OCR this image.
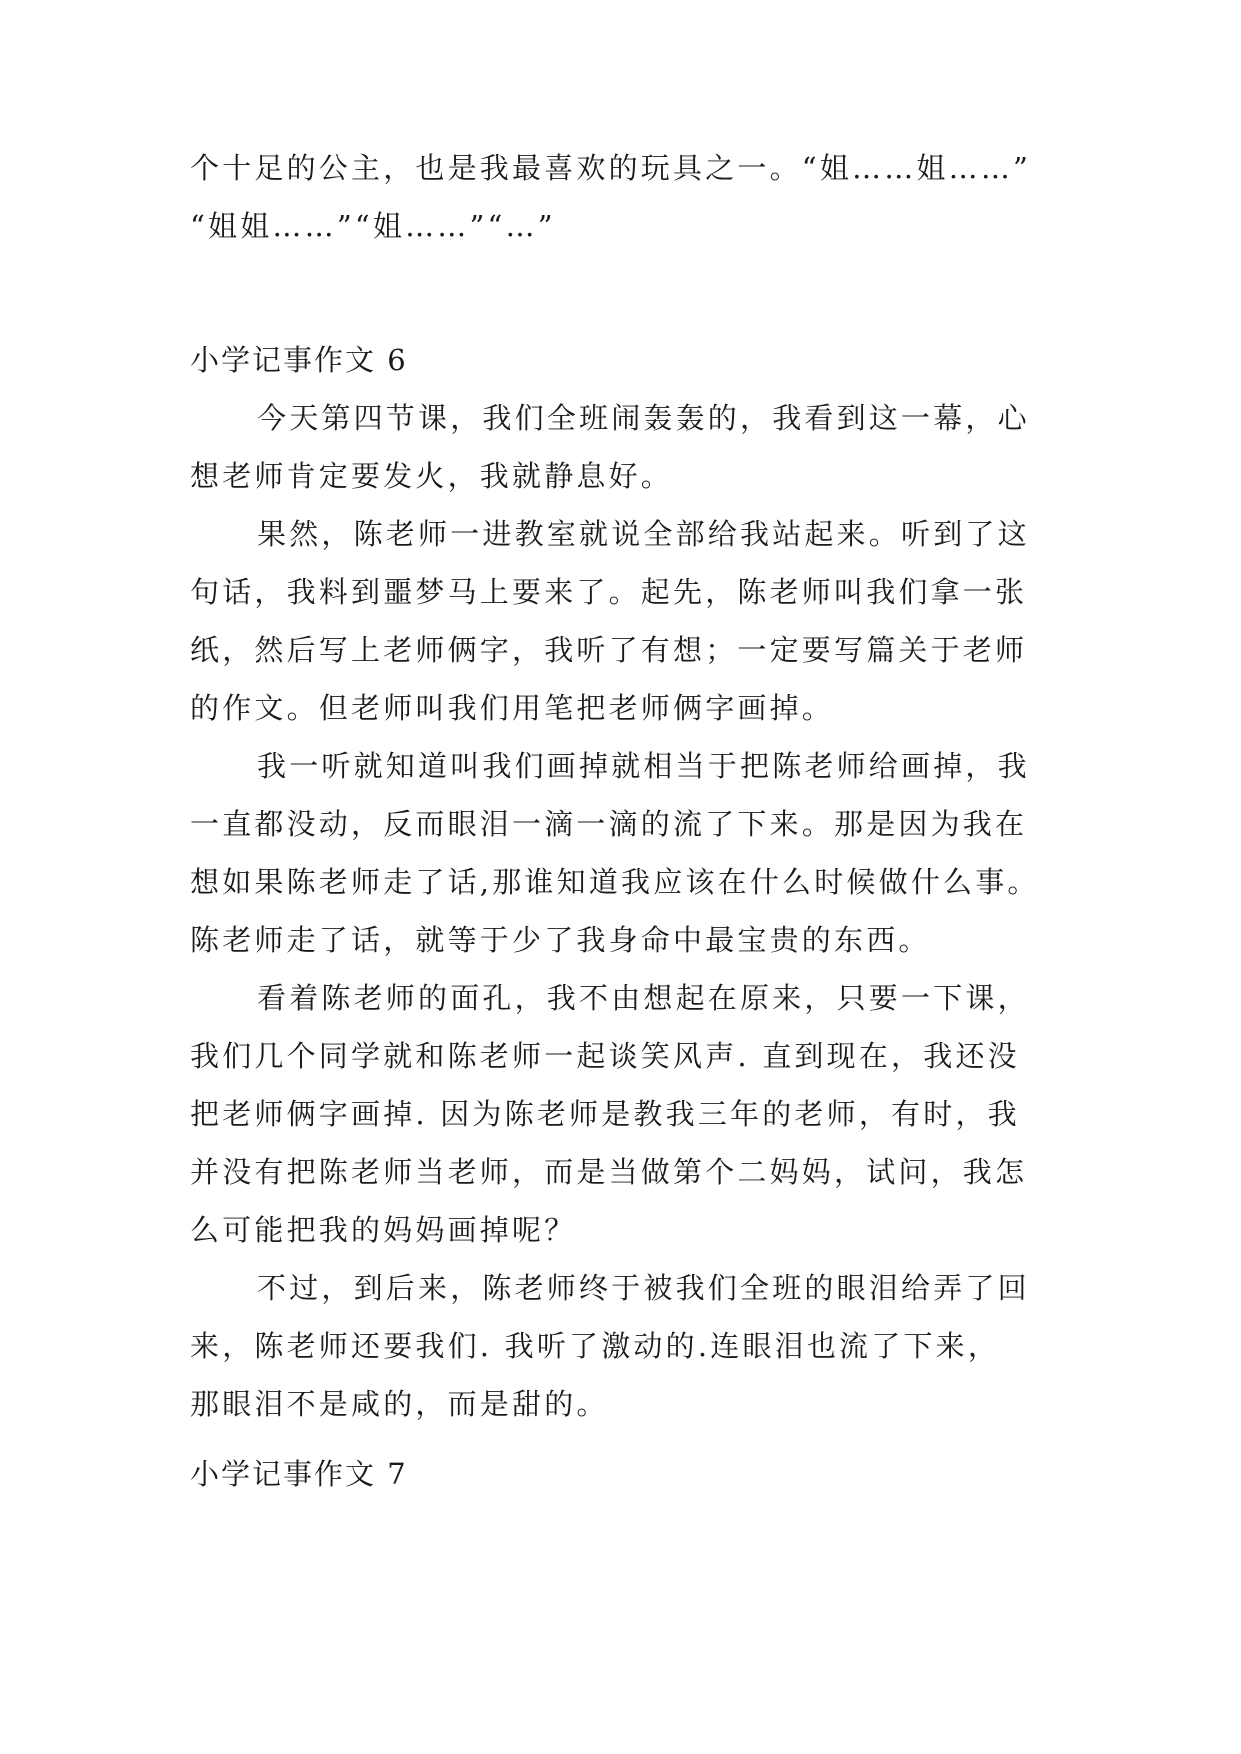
个十足的公主，也是我最喜欢的玩具之一。“姐……姐……”
“姐姐……”“姐……”“…”
小学记事作文 6
今天第四节课，我们全班闹轰轰的，我看到这一幕，心
想老师肯定要发火，我就静息好。
果然，陈老师一进教室就说全部给我站起来。听到了这
句话，我料到噩梦马上要来了。起先，陈老师叫我们拿一张
纸，然后写上老师俩字，我听了有想；一定要写篇关于老师
的作文。但老师叫我们用笔把老师俩字画掉。
我一听就知道叫我们画掉就相当于把陈老师给画掉，我
一直都没动，反而眼泪一滴一滴的流了下来。那是因为我在
想如果陈老师走了话,那谁知道我应该在什么时候做什么事。
陈老师走了话，就等于少了我身命中最宝贵的东西。
看着陈老师的面孔，我不由想起在原来，只要一下课，
我们几个同学就和陈老师一起谈笑风声. 直到现在，我还没
把老师俩字画掉. 因为陈老师是教我三年的老师，有时，我
并没有把陈老师当老师，而是当做第个二妈妈，试问，我怎
么可能把我的妈妈画掉呢？
不过，到后来，陈老师终于被我们全班的眼泪给弄了回
来，陈老师还要我们. 我听了激动的.连眼泪也流了下来，
那眼泪不是咸的，而是甜的。
小学记事作文 7
